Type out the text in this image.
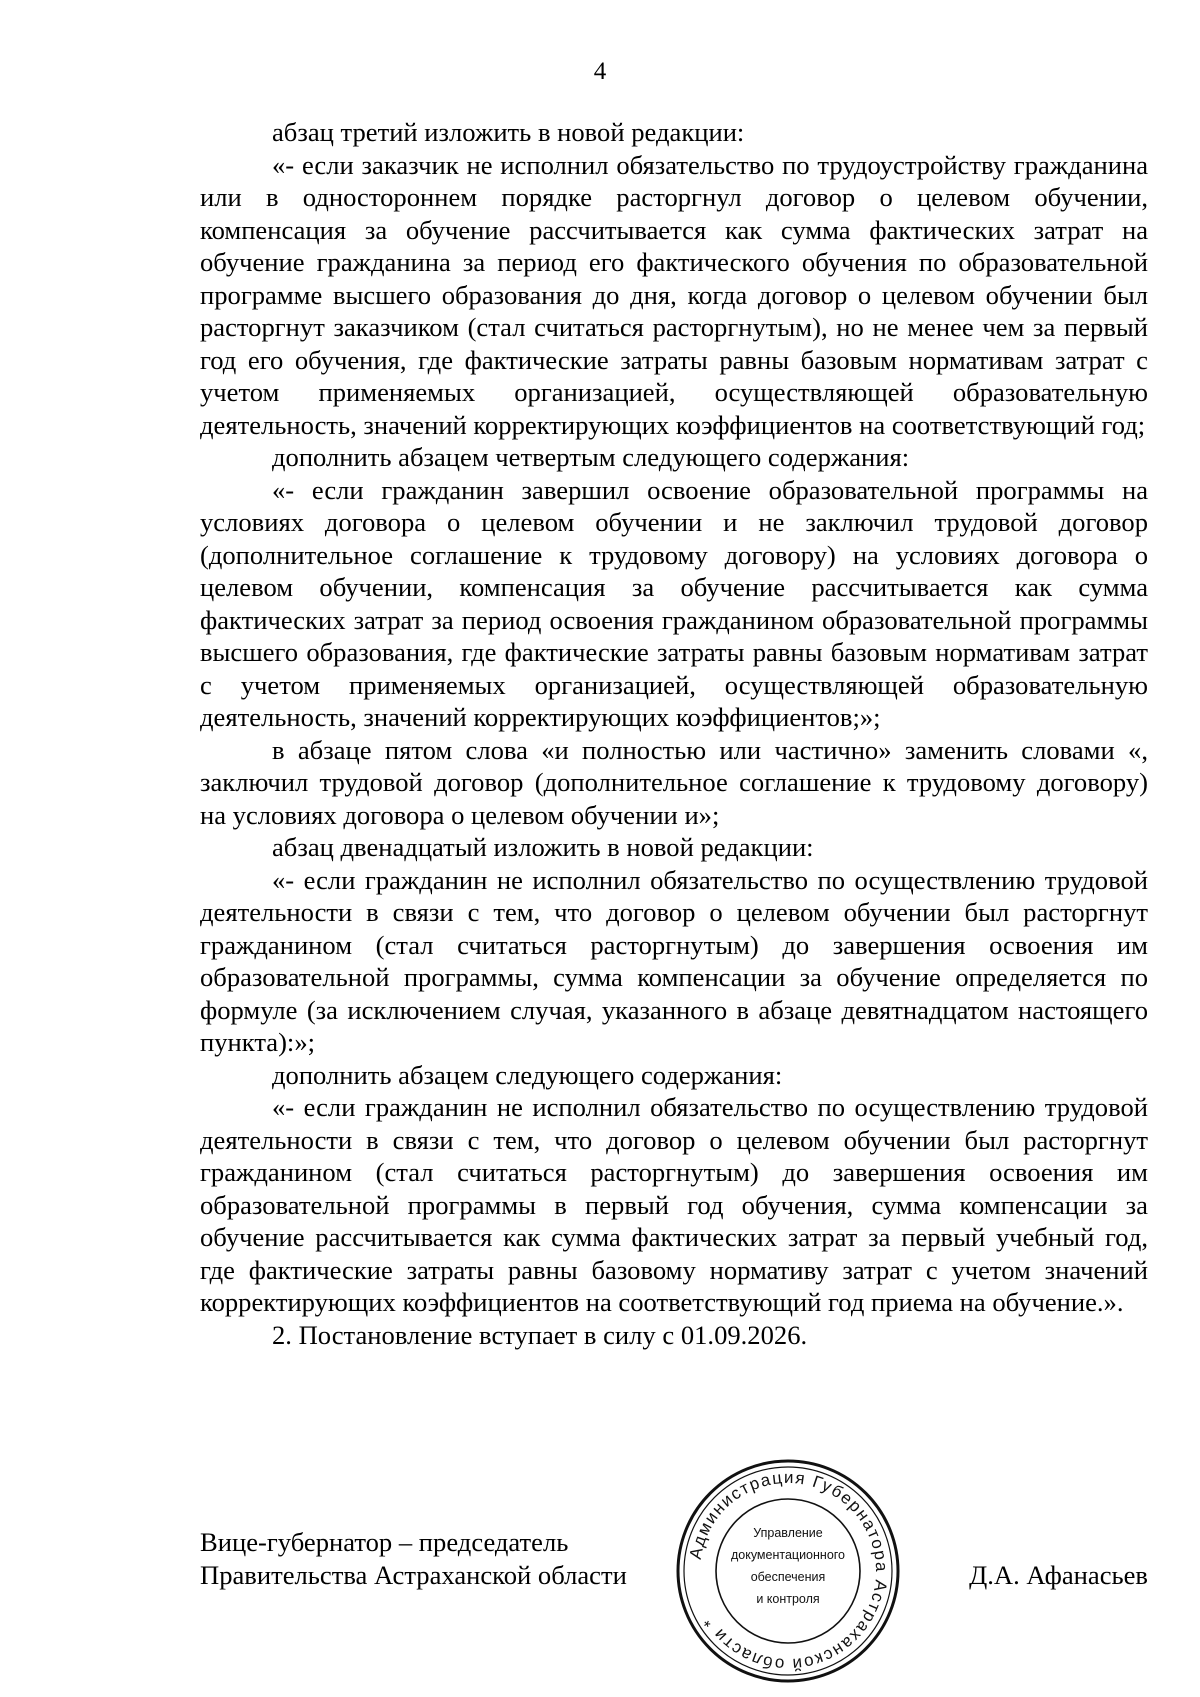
4

абзац третий изложить в новой редакции:

«- если заказчик не исполнил обязательство по трудоустройству гражданина или в одностороннем порядке расторгнул договор о целевом обучении, компенсация за обучение рассчитывается как сумма фактических затрат на обучение гражданина за период его фактического обучения по образовательной программе высшего образования до дня, когда договор о целевом обучении был расторгнут заказчиком (стал считаться расторгнутым), но не менее чем за первый год его обучения, где фактические затраты равны базовым нормативам затрат с учетом применяемых организацией, осуществляющей образовательную деятельность, значений корректирующих коэффициентов на соответствующий год;

дополнить абзацем четвертым следующего содержания:

«- если гражданин завершил освоение образовательной программы на условиях договора о целевом обучении и не заключил трудовой договор (дополнительное соглашение к трудовому договору) на условиях договора о целевом обучении, компенсация за обучение рассчитывается как сумма фактических затрат за период освоения гражданином образовательной программы высшего образования, где фактические затраты равны базовым нормативам затрат с учетом применяемых организацией, осуществляющей образовательную деятельность, значений корректирующих коэффициентов;»;

в абзаце пятом слова «и полностью или частично» заменить словами «, заключил трудовой договор (дополнительное соглашение к трудовому договору) на условиях договора о целевом обучении и»;

абзац двенадцатый изложить в новой редакции:

«- если гражданин не исполнил обязательство по осуществлению трудовой деятельности в связи с тем, что договор о целевом обучении был расторгнут гражданином (стал считаться расторгнутым) до завершения освоения им образовательной программы, сумма компенсации за обучение определяется по формуле (за исключением случая, указанного в абзаце девятнадцатом настоящего пункта):»;

дополнить абзацем следующего содержания:

«- если гражданин не исполнил обязательство по осуществлению трудовой деятельности в связи с тем, что договор о целевом обучении был расторгнут гражданином (стал считаться расторгнутым) до завершения освоения им образовательной программы в первый год обучения, сумма компенсации за обучение рассчитывается как сумма фактических затрат за первый учебный год, где фактические затраты равны базовому нормативу затрат с учетом значений корректирующих коэффициентов на соответствующий год приема на обучение.».

2. Постановление вступает в силу с 01.09.2026.

Вице-губернатор – председатель
Правительства Астраханской области	Д.А. Афанасьев
Администрация Губернатора Астраханской области *
Управление
документационного
обеспечения
и контроля
